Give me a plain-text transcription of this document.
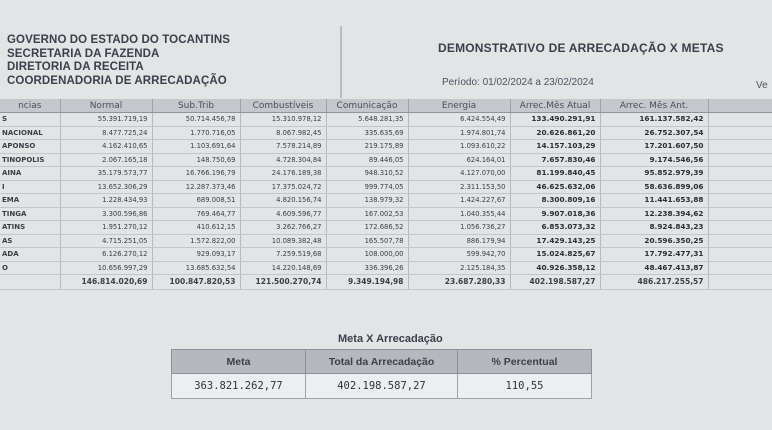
GOVERNO DO ESTADO DO TOCANTINS
SECRETARIA DA FAZENDA
DIRETORIA DA RECEITA
COORDENADORIA DE ARRECADAÇÃO
DEMONSTRATIVO DE ARRECADAÇÃO X METAS
Período: 01/02/2024 a 23/02/2024	Ve
ncias	Normal	Sub.Trib	Combustíveis	Comunicação	Energia	Arrec.Mês Atual	Arrec. Mês Ant.	
S	55.391.719,19	50.714.456,78	15.310.978,12	5.648.281,35	6.424.554,49	133.490.291,91	161.137.582,42	
NACIONAL	8.477.725,24	1.770.716,05	8.067.982,45	335.635,69	1.974.801,74	20.626.861,20	26.752.307,54	
APONSO	4.162.410,65	1.103.691,64	7.578.214,89	219.175,89	1.093.610,22	14.157.103,29	17.201.607,50	
TINOPOLIS	2.067.165,18	148.750,69	4.728.304,84	89.446,05	624.164,01	7.657.830,46	9.174.546,56	
AINA	35.179.573,77	16.766.196,79	24.176.189,38	948.310,52	4.127.070,00	81.199.840,45	95.852.979,39	
I	13.652.306,29	12.287.373,46	17.375.024,72	999.774,05	2.311.153,50	46.625.632,06	58.636.899,06	
EMA	1.228.434,93	689.008,51	4.820.156,74	138.979,32	1.424.227,67	8.300.809,16	11.441.653,88	
TINGA	3.300.596,86	769.464,77	4.609.596,77	167.002,53	1.040.355,44	9.907.018,36	12.238.394,62	
ATINS	1.951.270,12	410.612,15	3.262.766,27	172.686,52	1.056.736,27	6.853.073,32	8.924.843,23	
AS	4.715.251,05	1.572.822,00	10.089.382,48	165.507,78	886.179,94	17.429.143,25	20.596.350,25	
ADA	6.126.270,12	929.093,17	7.259.519,68	108.000,00	599.942,70	15.024.825,67	17.792.477,31	
O	10.656.997,29	13.685.632,54	14.220.148,69	336.396,26	2.125.184,35	40.926.358,12	48.467.413,87	
	146.814.020,69	100.847.820,53	121.500.270,74	9.349.194,98	23.687.280,33	402.198.587,27	486.217.255,57	
Meta X Arrecadação
Meta	Total da Arrecadação	% Percentual
363.821.262,77	402.198.587,27	110,55
